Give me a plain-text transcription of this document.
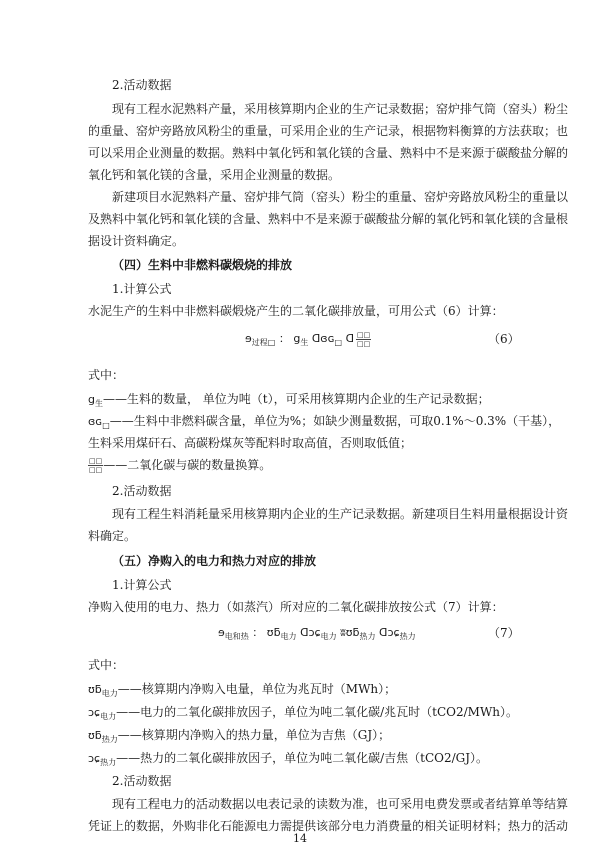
2.活动数据
现有工程水泥熟料产量，采用核算期内企业的生产记录数据；窑炉排气筒（窑头）粉尘
的重量、窑炉旁路放风粉尘的重量，可采用企业的生产记录，根据物料衡算的方法获取；也
可以采用企业测量的数据。熟料中氧化钙和氧化镁的含量、熟料中不是来源于碳酸盐分解的
氧化钙和氧化镁的含量，采用企业测量的数据。
新建项目水泥熟料产量、窑炉排气筒（窑头）粉尘的重量、窑炉旁路放风粉尘的重量以
及熟料中氧化钙和氧化镁的含量、熟料中不是来源于碳酸盐分解的氧化钙和氧化镁的含量根
据设计资料确定。
（四）生料中非燃料碳煅烧的排放
1.计算公式
水泥生产的生料中非燃料碳煅烧产生的二氧化碳排放量，可用公式（6）计算：
ɘ$_{过程□}$ ： $g_生$ ᗡɞɢ$_□$ ᗡ $\frac{□□}{□□}$	（6）
式中：
$g_生——$生料的数量， 单位为吨（t），可采用核算期内企业的生产记录数据；
ɞɢ$_□$——生料中非燃料碳含量，单位为%；如缺少测量数据，可取0.1%～0.3%（干基），
生料采用煤矸石、高碳粉煤灰等配料时取高值，否则取低值；
$\frac{□□}{□□}$ ——二氧化碳与碳的数量换算。
2.活动数据
现有工程生料消耗量采用核算期内企业的生产记录数据。新建项目生料用量根据设计资
料确定。
（五）净购入的电力和热力对应的排放
1.计算公式
净购入使用的电力、热力（如蒸汽）所对应的二氧化碳排放按公式（7）计算：
ɘ$_{电和热}$ ： ʊƃ$_{电力}$ ᗡɔɕ$_{电力}$ ʬʊƃ$_{热力}$ ᗡɔɕ$_{热力}$	（7）
式中：
ʊƃ$_{电力}$——核算期内净购入电量，单位为兆瓦时（MWh）；
ɔɕ$_{电力}$——电力的二氧化碳排放因子，单位为吨二氧化碳/兆瓦时（tCO2/MWh）。
ʊƃ$_{热力}$——核算期内净购入的热力量，单位为吉焦（GJ）；
ɔɕ$_{热力}$——热力的二氧化碳排放因子，单位为吨二氧化碳/吉焦（tCO2/GJ）。
2.活动数据
现有工程电力的活动数据以电表记录的读数为准，也可采用电费发票或者结算单等结算
凭证上的数据，外购非化石能源电力需提供该部分电力消费量的相关证明材料；热力的活动
14
